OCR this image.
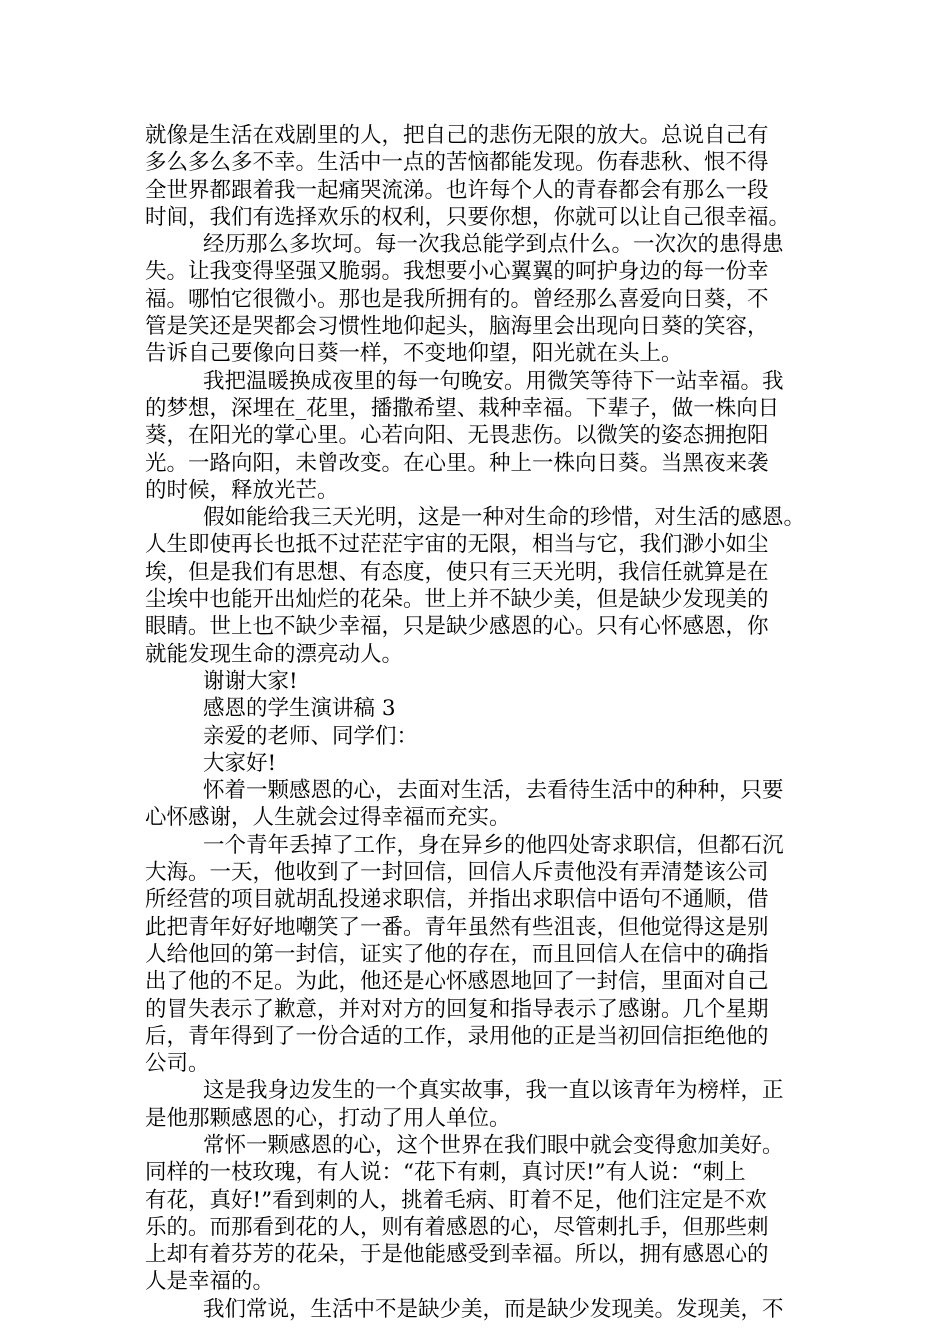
就像是生活在戏剧里的人，把自己的悲伤无限的放大。总说自己有
多么多么多不幸。生活中一点的苦恼都能发现。伤春悲秋、恨不得
全世界都跟着我一起痛哭流涕。也许每个人的青春都会有那么一段
时间，我们有选择欢乐的权利，只要你想，你就可以让自己很幸福。
经历那么多坎坷。每一次我总能学到点什么。一次次的患得患
失。让我变得坚强又脆弱。我想要小心翼翼的呵护身边的每一份幸
福。哪怕它很微小。那也是我所拥有的。曾经那么喜爱向日葵，不
管是笑还是哭都会习惯性地仰起头，脑海里会出现向日葵的笑容，
告诉自己要像向日葵一样，不变地仰望，阳光就在头上。
我把温暖换成夜里的每一句晚安。用微笑等待下一站幸福。我
的梦想，深埋在_花里，播撒希望、栽种幸福。下辈子，做一株向日
葵，在阳光的掌心里。心若向阳、无畏悲伤。以微笑的姿态拥抱阳
光。一路向阳，未曾改变。在心里。种上一株向日葵。当黑夜来袭
的时候，释放光芒。
假如能给我三天光明，这是一种对生命的珍惜，对生活的感恩。
人生即使再长也抵不过茫茫宇宙的无限，相当与它，我们渺小如尘
埃，但是我们有思想、有态度，使只有三天光明，我信任就算是在
尘埃中也能开出灿烂的花朵。世上并不缺少美，但是缺少发现美的
眼睛。世上也不缺少幸福，只是缺少感恩的心。只有心怀感恩，你
就能发现生命的漂亮动人。
谢谢大家!
感恩的学生演讲稿 3
亲爱的老师、同学们：
大家好!
怀着一颗感恩的心，去面对生活，去看待生活中的种种，只要
心怀感谢，人生就会过得幸福而充实。
一个青年丢掉了工作，身在异乡的他四处寄求职信，但都石沉
大海。一天，他收到了一封回信，回信人斥责他没有弄清楚该公司
所经营的项目就胡乱投递求职信，并指出求职信中语句不通顺，借
此把青年好好地嘲笑了一番。青年虽然有些沮丧，但他觉得这是别
人给他回的第一封信，证实了他的存在，而且回信人在信中的确指
出了他的不足。为此，他还是心怀感恩地回了一封信，里面对自己
的冒失表示了歉意，并对对方的回复和指导表示了感谢。几个星期
后，青年得到了一份合适的工作，录用他的正是当初回信拒绝他的
公司。
这是我身边发生的一个真实故事，我一直以该青年为榜样，正
是他那颗感恩的心，打动了用人单位。
常怀一颗感恩的心，这个世界在我们眼中就会变得愈加美好。
同样的一枝玫瑰，有人说：“花下有刺，真讨厌!”有人说：“刺上
有花，真好!”看到刺的人，挑着毛病、盯着不足，他们注定是不欢
乐的。而那看到花的人，则有着感恩的心，尽管刺扎手，但那些刺
上却有着芬芳的花朵，于是他能感受到幸福。所以，拥有感恩心的
人是幸福的。
我们常说，生活中不是缺少美，而是缺少发现美。发现美，不
